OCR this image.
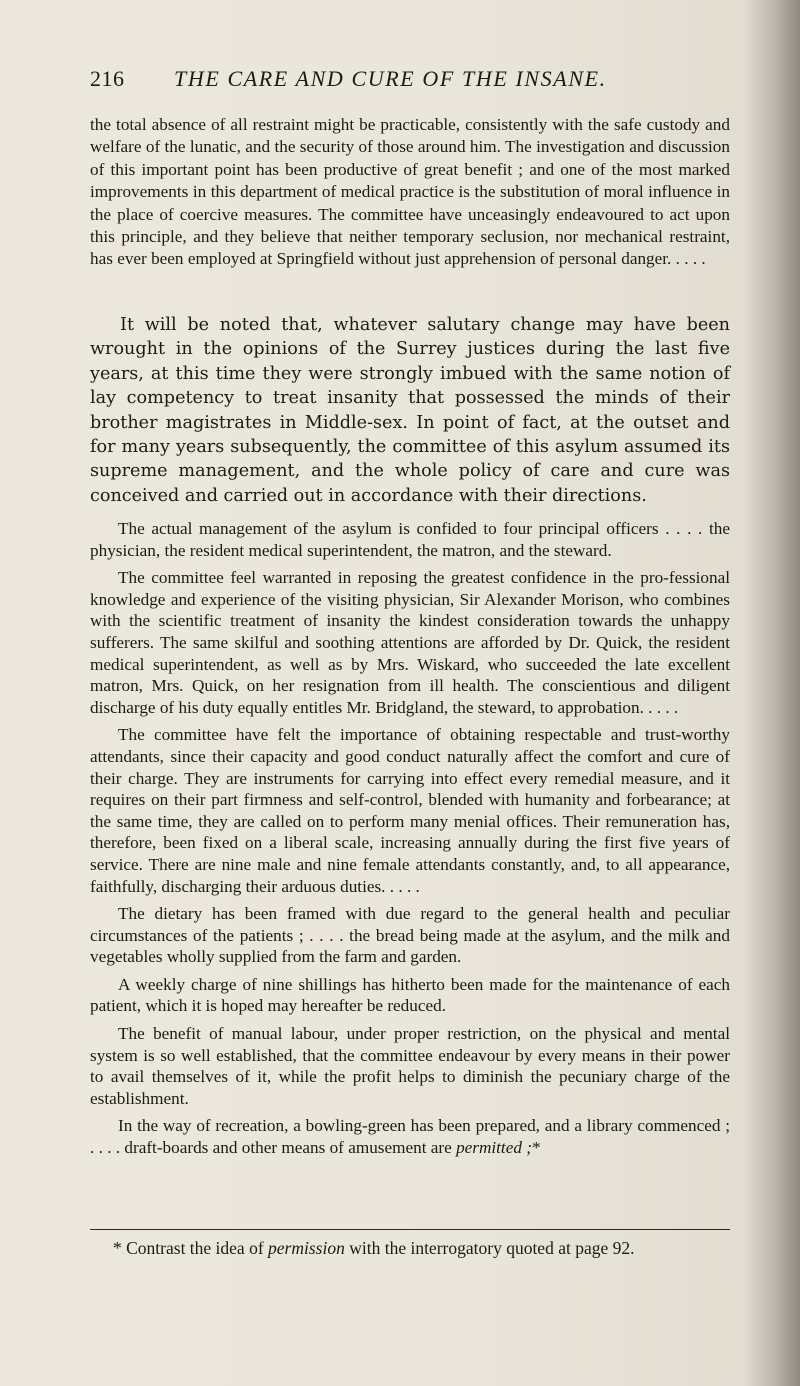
216 THE CARE AND CURE OF THE INSANE.

the total absence of all restraint might be practicable, consistently with the safe custody and welfare of the lunatic, and the security of those around him. The investigation and discussion of this important point has been productive of great benefit ; and one of the most marked improvements in this department of medical practice is the substitution of moral influence in the place of coercive measures. The committee have unceasingly endeavoured to act upon this principle, and they believe that neither temporary seclusion, nor mechanical restraint, has ever been employed at Springfield without just apprehension of personal danger. . . . .

It will be noted that, whatever salutary change may have been wrought in the opinions of the Surrey justices during the last five years, at this time they were strongly imbued with the same notion of lay competency to treat insanity that possessed the minds of their brother magistrates in Middle-sex. In point of fact, at the outset and for many years subsequently, the committee of this asylum assumed its supreme management, and the whole policy of care and cure was conceived and carried out in accordance with their directions.

The actual management of the asylum is confided to four principal officers . . . . the physician, the resident medical superintendent, the matron, and the steward.

The committee feel warranted in reposing the greatest confidence in the pro-fessional knowledge and experience of the visiting physician, Sir Alexander Morison, who combines with the scientific treatment of insanity the kindest consideration towards the unhappy sufferers. The same skilful and soothing attentions are afforded by Dr. Quick, the resident medical superintendent, as well as by Mrs. Wiskard, who succeeded the late excellent matron, Mrs. Quick, on her resignation from ill health. The conscientious and diligent discharge of his duty equally entitles Mr. Bridgland, the steward, to approbation. . . . .

The committee have felt the importance of obtaining respectable and trust-worthy attendants, since their capacity and good conduct naturally affect the comfort and cure of their charge. They are instruments for carrying into effect every remedial measure, and it requires on their part firmness and self-control, blended with humanity and forbearance; at the same time, they are called on to perform many menial offices. Their remuneration has, therefore, been fixed on a liberal scale, increasing annually during the first five years of service. There are nine male and nine female attendants constantly, and, to all appearance, faithfully, discharging their arduous duties. . . . .

The dietary has been framed with due regard to the general health and peculiar circumstances of the patients ; . . . . the bread being made at the asylum, and the milk and vegetables wholly supplied from the farm and garden.

A weekly charge of nine shillings has hitherto been made for the maintenance of each patient, which it is hoped may hereafter be reduced.

The benefit of manual labour, under proper restriction, on the physical and mental system is so well established, that the committee endeavour by every means in their power to avail themselves of it, while the profit helps to diminish the pecuniary charge of the establishment.

In the way of recreation, a bowling-green has been prepared, and a library commenced ; . . . . draft-boards and other means of amusement are permitted ;*

* Contrast the idea of permission with the interrogatory quoted at page 92.
